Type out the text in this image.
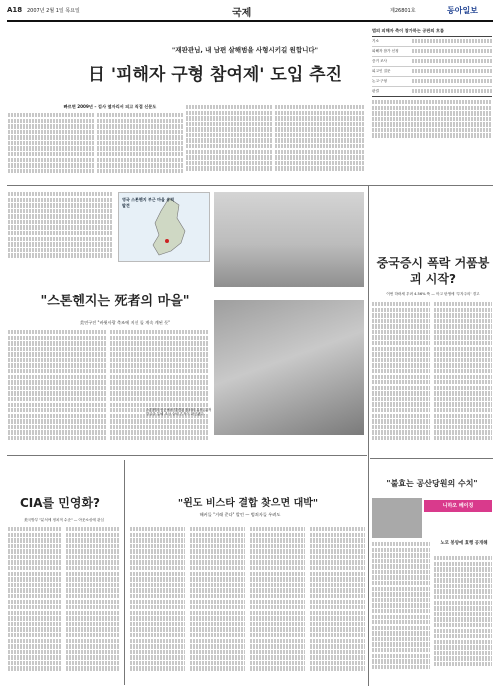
A18 2007년 2월 1일 목요일	국제	제26801호	동아일보
"재판관님, 내 남편 살해범을 사형시키길 원합니다"
日 '피해자 구형 참여제' 도입 추진
빠르면 2009년 – 검사 옆자리서 피고 직접 신문도
법의 피해자 측이 참가하는 공판의 흐름
기소
피해자 참가 신청
증거 조사
피고인 질문
논고·구형
판결
영국 스톤헨지 부근 마을 유적 발견
"스톤헨지는 死者의 마을"
美연구진 "바윗사광 축조에 지신 돌 계속 계된 듯"
스톤헨지 인근에서 발견된 집터의 유적. 유적 발굴을 통해 조상 숭배 흔적이 확인됐다.
중국증시 폭락 거품붕괴 시작?
이번 하락세 우려 4.56% 뚝 — 아고 탄생에 '투자주의' 경고
"불효는 공산당원의 수치"
니하오 베이징
노모 봉양에 효행 공개해
CIA를 민영화?
美국방부 "분석에 정치적 수준" — 아웃소싱에 관심
"윈도 비스타 결합 찾으면 대박"
해커들 "거래 준다" 발언 — 범죄자들 우려도
